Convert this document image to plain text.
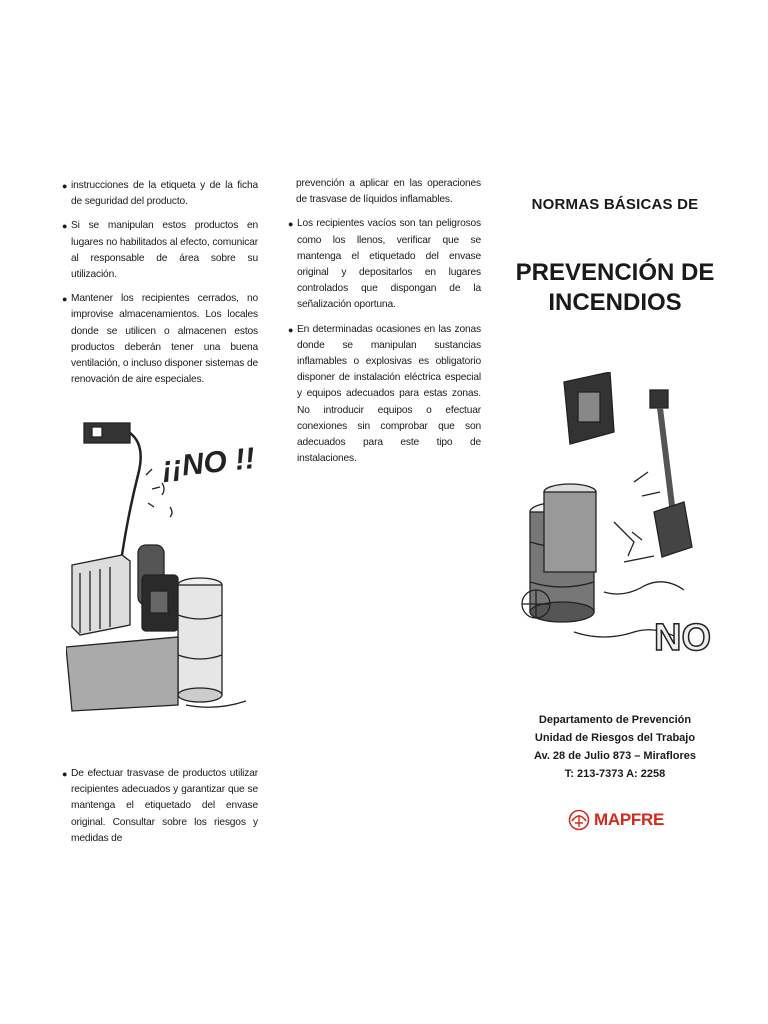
● instrucciones de la etiqueta y de la ficha de seguridad del producto.
● Si se manipulan estos productos en lugares no habilitados al efecto, comunicar al responsable de área sobre su utilización.
● Mantener los recipientes cerrados, no improvise almacenamientos. Los locales donde se utilicen o almacenen estos productos deberán tener una buena ventilación, o incluso disponer sistemas de renovación de aire especiales.
¡¡NO !!
● De efectuar trasvase de productos utilizar recipientes adecuados y garantizar que se mantenga el etiquetado del envase original. Consultar sobre los riesgos y medidas de
prevención a aplicar en las operaciones de trasvase de líquidos inflamables.
● Los recipientes vacíos son tan peligrosos como los llenos, verificar que se mantenga el etiquetado del envase original y depositarlos en lugares controlados que dispongan de la señalización oportuna.
● En determinadas ocasiones en las zonas donde se manipulan sustancias inflamables o explosivas es obligatorio disponer de instalación eléctrica especial y equipos adecuados para estas zonas. No introducir equipos o efectuar conexiones sin comprobar que son adecuados para este tipo de instalaciones.
NORMAS BÁSICAS DE
PREVENCIÓN DE
INCENDIOS
NO
Departamento de Prevención
Unidad de Riesgos del Trabajo
Av. 28 de Julio 873 – Miraflores
T: 213-7373 A: 2258
MAPFRE
